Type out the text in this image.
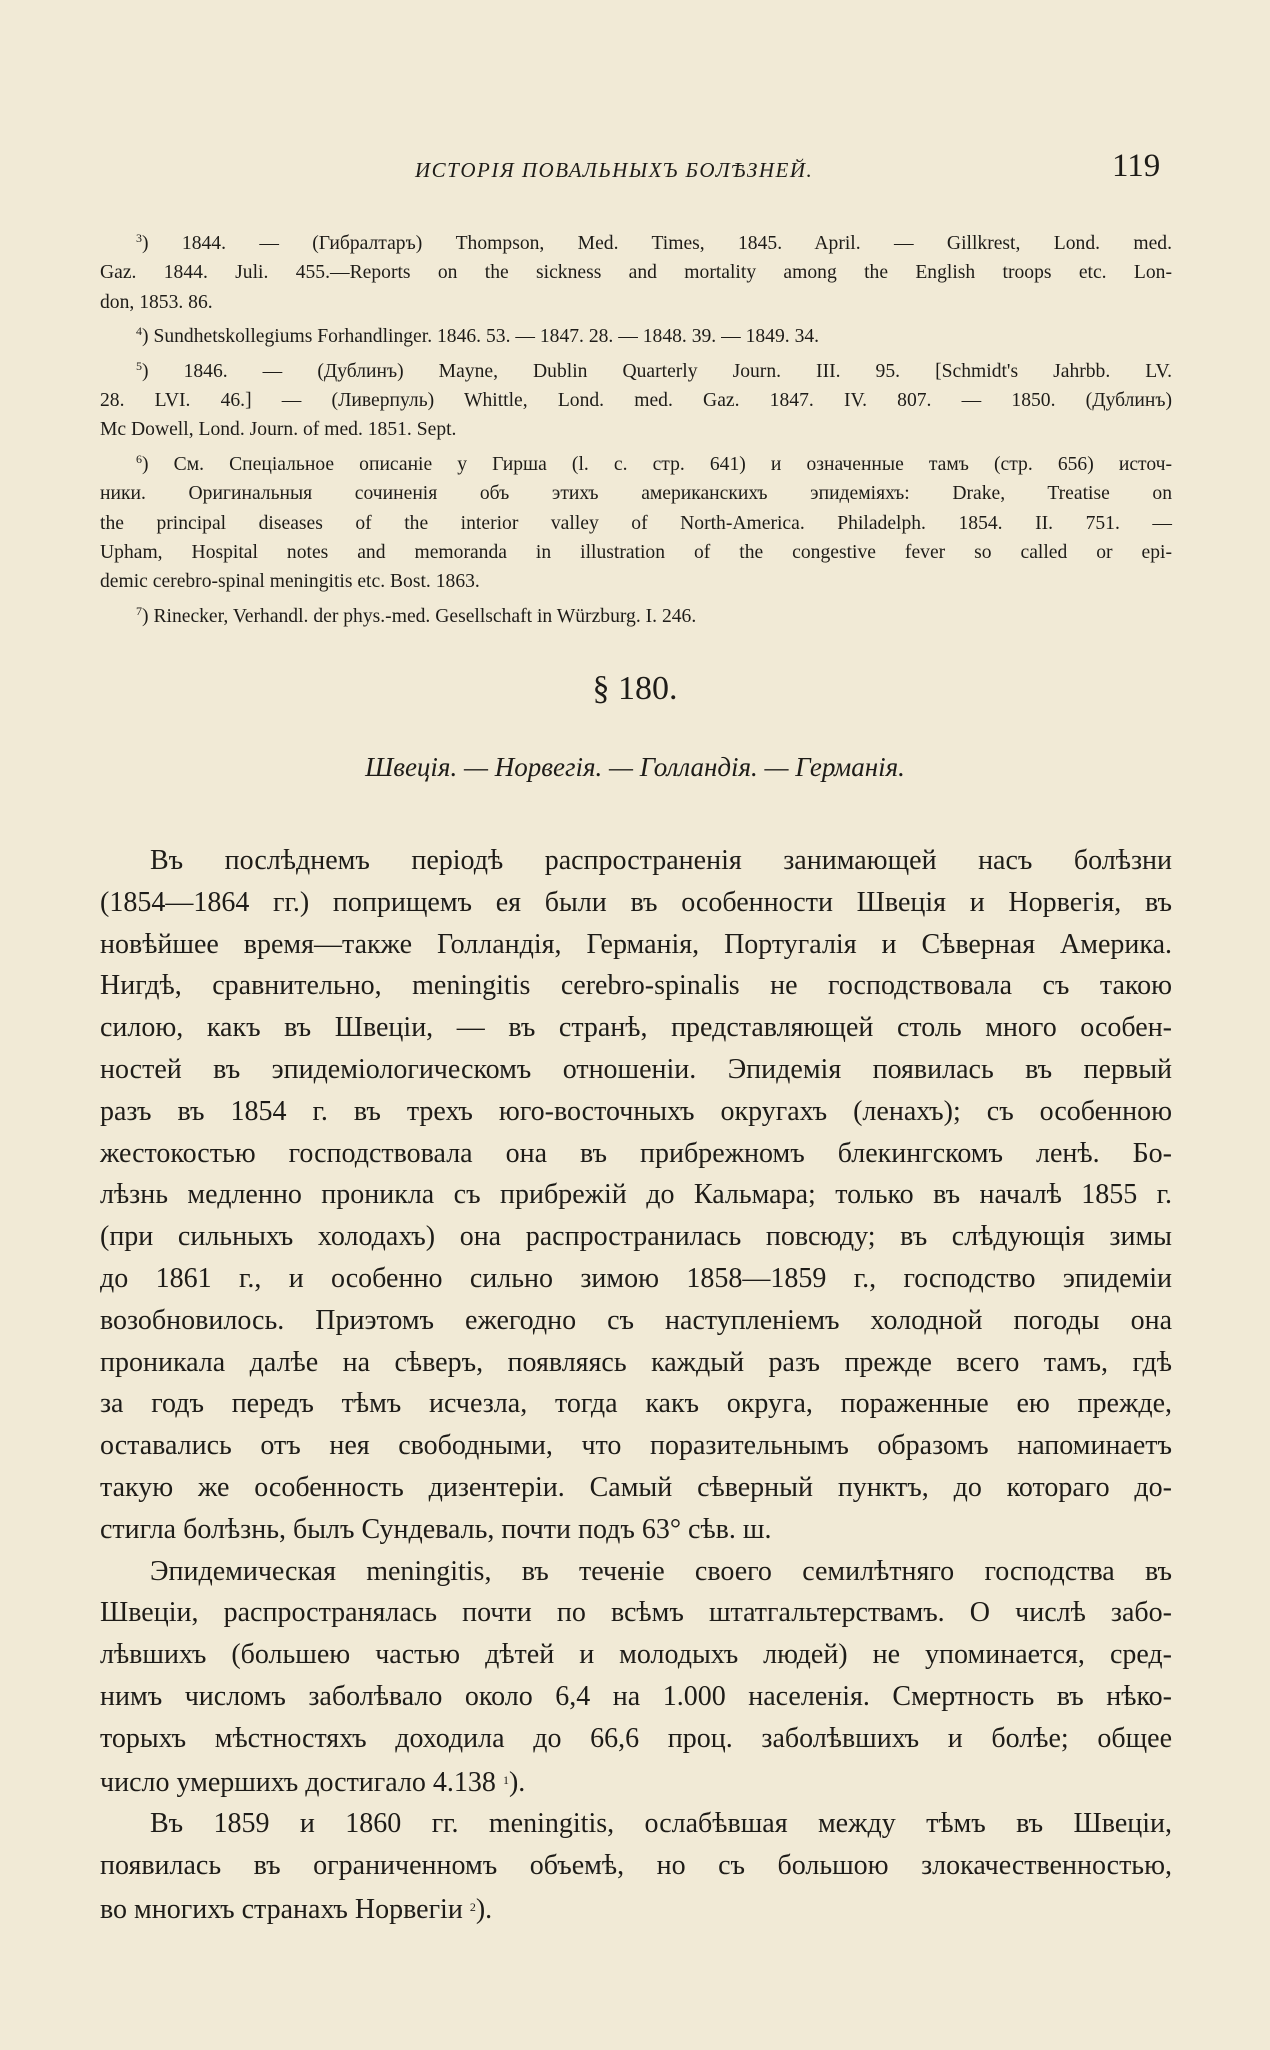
ИСТОРІЯ ПОВАЛЬНЫХЪ БОЛѢЗНЕЙ.	119
$^3$) 1844. — (Гибралтаръ) Thompson, Med. Times, 1845. April. — Gillkrest, Lond. med.
Gaz. 1844. Juli. 455.—Reports on the sickness and mortality among the English troops etc. Lon-
don, 1853. 86.
$^4$) Sundhetskollegiums Forhandlinger. 1846. 53. — 1847. 28. — 1848. 39. — 1849. 34.
$^5$) 1846. — (Дублинъ) Mayne, Dublin Quarterly Journ. III. 95. [Schmidt's Jahrbb. LV.
28. LVI. 46.] — (Ливерпуль) Whittle, Lond. med. Gaz. 1847. IV. 807. — 1850. (Дублинъ)
Mc Dowell, Lond. Journ. of med. 1851. Sept.
$^6$) См. Спеціальное описаніе у Гирша (l. c. стр. 641) и означенные тамъ (стр. 656) источ-
ники. Оригинальныя сочиненія объ этихъ американскихъ эпидеміяхъ: Drake, Treatise on
the principal diseases of the interior valley of North-America. Philadelph. 1854. II. 751. —
Upham, Hospital notes and memoranda in illustration of the congestive fever so called or epi-
demic cerebro-spinal meningitis etc. Bost. 1863.
$^7$) Rinecker, Verhandl. der phys.-med. Gesellschaft in Würzburg. I. 246.
§ 180.
Швеція. — Норвегія. — Голландія. — Германія.
Въ послѣднемъ періодѣ распространенія занимающей насъ болѣзни
(1854—1864 гг.) поприщемъ ея были въ особенности Швеція и Норвегія, въ
новѣйшее время—также Голландія, Германія, Португалія и Сѣверная Америка.
Нигдѣ, сравнительно, meningitis cerebro-spinalis не господствовала съ такою
силою, какъ въ Швеціи, — въ странѣ, представляющей столь много особен-
ностей въ эпидеміологическомъ отношеніи. Эпидемія появилась въ первый
разъ въ 1854 г. въ трехъ юго-восточныхъ округахъ (ленахъ); съ особенною
жестокостью господствовала она въ прибрежномъ блекингскомъ ленѣ. Бо-
лѣзнь медленно проникла съ прибрежій до Кальмара; только въ началѣ 1855 г.
(при сильныхъ холодахъ) она распространилась повсюду; въ слѣдующія зимы
до 1861 г., и особенно сильно зимою 1858—1859 г., господство эпидеміи
возобновилось. Приэтомъ ежегодно съ наступленіемъ холодной погоды она
проникала далѣе на сѣверъ, появляясь каждый разъ прежде всего тамъ, гдѣ
за годъ передъ тѣмъ исчезла, тогда какъ округа, пораженные ею прежде,
оставались отъ нея свободными, что поразительнымъ образомъ напоминаетъ
такую же особенность дизентеріи. Самый сѣверный пунктъ, до котораго до-
стигла болѣзнь, былъ Сундеваль, почти подъ 63° сѣв. ш.
Эпидемическая meningitis, въ теченіе своего семилѣтняго господства въ
Швеціи, распространялась почти по всѣмъ штатгальтерствамъ. О числѣ забо-
лѣвшихъ (большею частью дѣтей и молодыхъ людей) не упоминается, сред-
нимъ числомъ заболѣвало около 6,4 на 1.000 населенія. Смертность въ нѣко-
торыхъ мѣстностяхъ доходила до 66,6 проц. заболѣвшихъ и болѣе; общее
число умершихъ достигало 4.138 $^1$).
Въ 1859 и 1860 гг. meningitis, ослабѣвшая между тѣмъ въ Швеціи,
появилась въ ограниченномъ объемѣ, но съ большою злокачественностью,
во многихъ странахъ Норвегіи $^2$).
